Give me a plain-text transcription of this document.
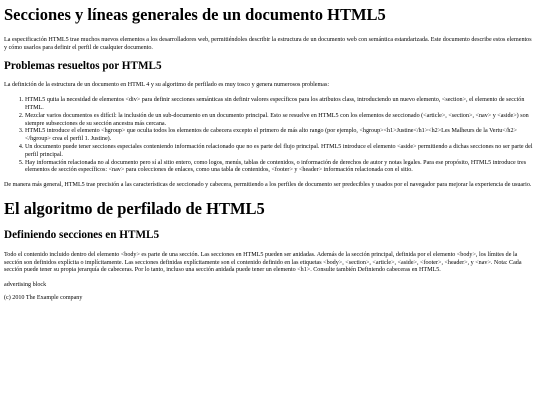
Secciones y líneas generales de un documento HTML5

La especificación HTML5 trae muchos nuevos elementos a los desarrolladores web, permitiéndoles describir la estructura de un documento web con semántica estandarizada. Este documento describe estos elementos y cómo usarlos para definir el perfil de cualquier documento.

Problemas resueltos por HTML5

La definición de la estructura de un documento en HTML 4 y su algoritmo de perfilado es muy tosco y genera numerosos problemas:

1. HTML5 quita la necesidad de elementos <div> para definir secciones semánticas sin definir valores específicos para los atributos class, introduciendo un nuevo elemento, <section>, el elemento de sección HTML.
2. Mezclar varios documentos es difícil: la inclusión de un sub-documento en un documento principal. Esto se resuelve en HTML5 con los elementos de seccionado (<article>, <section>, <nav> y <aside>) son siempre subsecciones de su sección ancestra más cercana.
3. HTML5 introduce el elemento <hgroup> que oculta todos los elementos de cabecera excepto el primero de más alto rango (por ejemplo, <hgroup><h1>Justine</h1><h2>Les Malheurs de la Vertu</h2></hgroup> crea el perfil 1. Justine).
4. Un documento puede tener secciones especiales conteniendo información relacionado que no es parte del flujo principal. HTML5 introduce el elemento <aside> permitiendo a dichas secciones no ser parte del perfil principal.
5. Hay información relacionada no al documento pero sí al sitio entero, como logos, menús, tablas de contenidos, o información de derechos de autor y notas legales. Para ese propósito, HTML5 introduce tres elementos de sección específicos: <nav> para colecciones de enlaces, como una tabla de contenidos, <footer> y <header> información relacionada con el sitio.

De manera más general, HTML5 trae precisión a las características de seccionado y cabecera, permitiendo a los perfiles de documento ser predecibles y usados por el navegador para mejorar la experiencia de usuario.

El algoritmo de perfilado de HTML5
Definiendo secciones en HTML5

Todo el contenido incluido dentro del elemento <body> es parte de una sección. Las secciones en HTML5 pueden ser anidadas. Además de la sección principal, definida por el elemento <body>, los límites de la sección son definidos explícita o implícitamente. Las secciones definidas explícitamente son el contenido definido en las etiquetas <body>, <section>, <article>, <aside>, <footer>, <header>, y <nav>. Nota: Cada sección puede tener su propia jerarquía de cabeceras. Por lo tanto, incluso una sección anidada puede tener un elemento <h1>. Consulte también Definiendo cabeceras en HTML5.

advertising block

(c) 2010 The Example company
